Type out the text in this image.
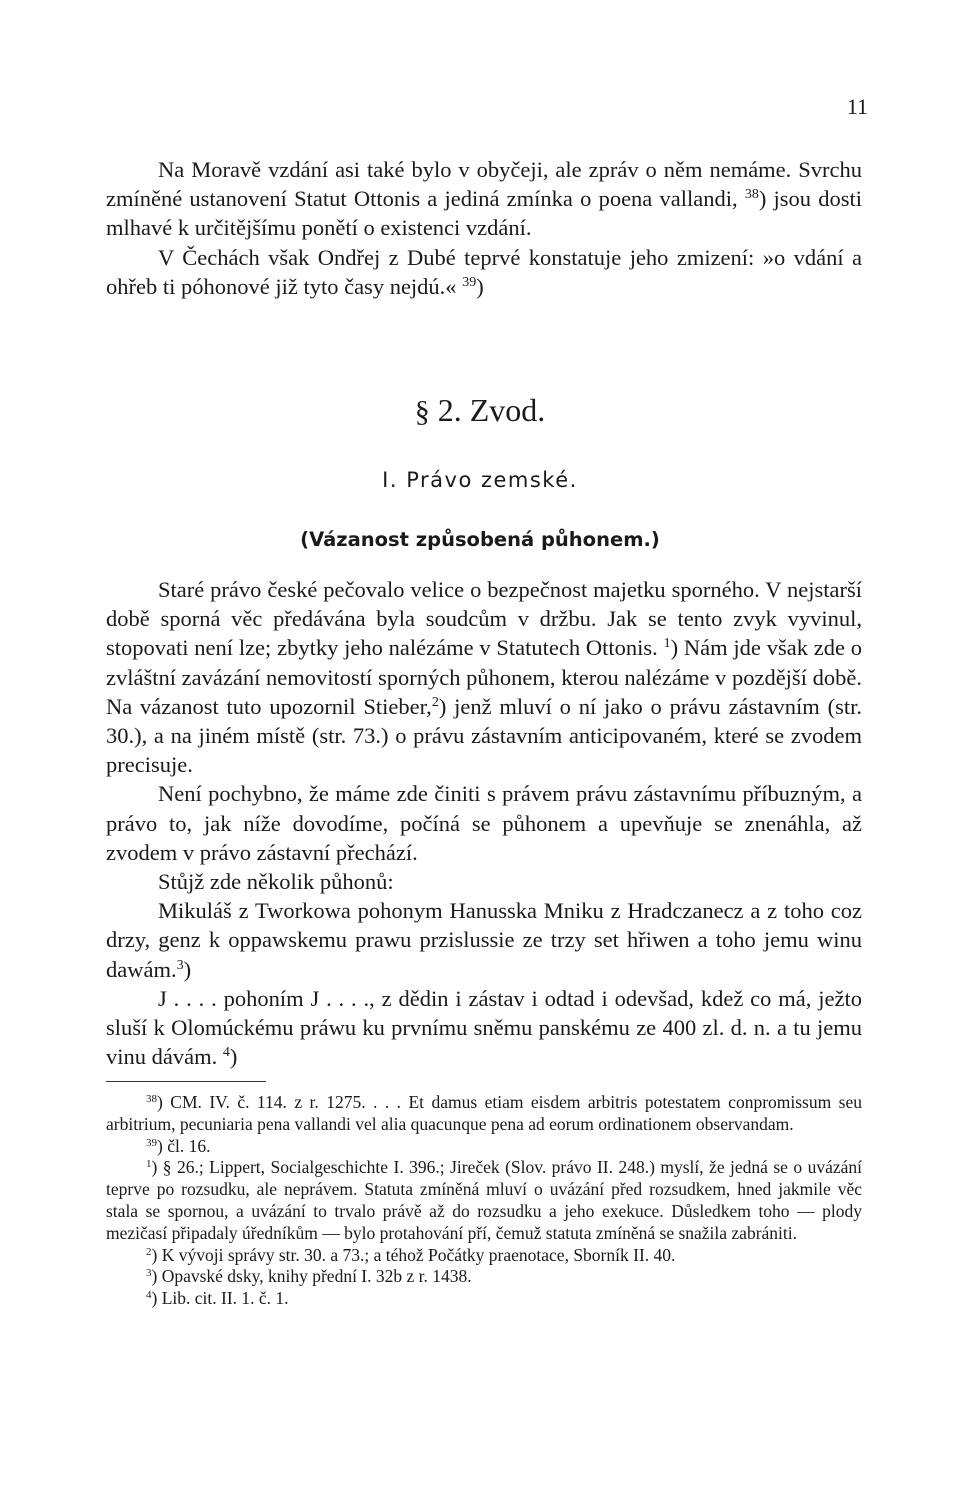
11

Na Moravě vzdání asi také bylo v obyčeji, ale zpráv o něm nemáme. Svrchu zmíněné ustanovení Statut Ottonis a jediná zmínka o poena vallandi, $^{38}$) jsou dosti mlhavé k určitějšímu ponětí o existenci vzdání.

V Čechách však Ondřej z Dubé teprvé konstatuje jeho zmizení: »o vdání a ohřeb ti póhonové již tyto časy nejdú.« $^{39}$)

§ 2. Zvod.
I. Právo zemské.
(Vázanost způsobená půhonem.)

Staré právo české pečovalo velice o bezpečnost majetku sporného. V nejstarší době sporná věc předávána byla soudcům v držbu. Jak se tento zvyk vyvinul, stopovati není lze; zbytky jeho nalézáme v Statutech Ottonis. $^1$) Nám jde však zde o zvláštní zavázání nemovitostí sporných půhonem, kterou nalézáme v pozdější době. Na vázanost tuto upozornil Stieber,$^2$) jenž mluví o ní jako o právu zástavním (str. 30.), a na jiném místě (str. 73.) o právu zástavním anticipovaném, které se zvodem precisuje.

Není pochybno, že máme zde činiti s právem právu zástavnímu příbuzným, a právo to, jak níže dovodíme, počíná se půhonem a upevňuje se znenáhla, až zvodem v právo zástavní přechází.

Stůjž zde několik půhonů:

Mikuláš z Tworkowa pohonym Hanusska Mniku z Hradczanecz a z toho coz drzy, genz k oppawskemu prawu przislussie ze trzy set hřiwen a toho jemu winu dawám.$^3$)

J . . . . pohoním J . . . ., z dědin i zástav i odtad i odevšad, kdež co má, ježto sluší k Olomúckému práwu ku prvnímu sněmu panskému ze 400 zl. d. n. a tu jemu vinu dávám. $^4$)

$^{38}$) CM. IV. č. 114. z r. 1275. . . . Et damus etiam eisdem arbitris potestatem conpromissum seu arbitrium, pecuniaria pena vallandi vel alia quacunque pena ad eorum ordinationem observandam.

$^{39}$) čl. 16.

$^1$) § 26.; Lippert, Socialgeschichte I. 396.; Jireček (Slov. právo II. 248.) myslí, že jedná se o uvázání teprve po rozsudku, ale neprávem. Statuta zmíněná mluví o uvázání před rozsudkem, hned jakmile věc stala se spornou, a uvázání to trvalo právě až do rozsudku a jeho exekuce. Důsledkem toho — plody mezičasí připadaly úředníkům — bylo protahování pří, čemuž statuta zmíněná se snažila zabrániti.

$^2$) K vývoji správy str. 30. a 73.; a téhož Počátky praenotace, Sborník II. 40.

$^3$) Opavské dsky, knihy přední I. 32b z r. 1438.

$^4$) Lib. cit. II. 1. č. 1.
